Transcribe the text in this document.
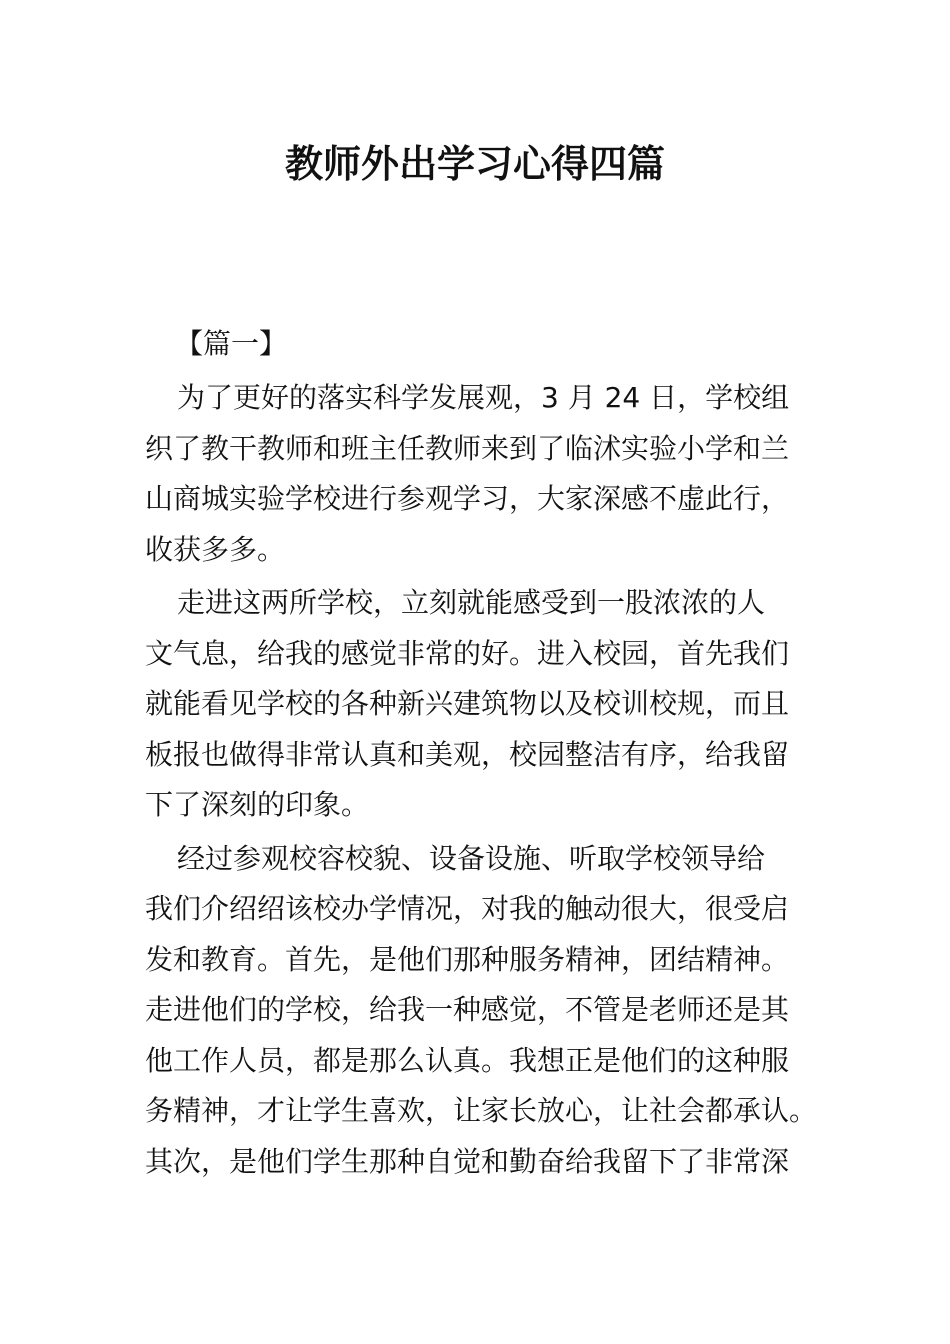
教师外出学习心得四篇
【篇一】
为了更好的落实科学发展观，3 月 24 日，学校组
织了教干教师和班主任教师来到了临沭实验小学和兰
山商城实验学校进行参观学习，大家深感不虚此行，
收获多多。
走进这两所学校，立刻就能感受到一股浓浓的人
文气息，给我的感觉非常的好。进入校园，首先我们
就能看见学校的各种新兴建筑物以及校训校规，而且
板报也做得非常认真和美观，校园整洁有序，给我留
下了深刻的印象。
经过参观校容校貌、设备设施、听取学校领导给
我们介绍绍该校办学情况，对我的触动很大，很受启
发和教育。首先，是他们那种服务精神，团结精神。
走进他们的学校，给我一种感觉，不管是老师还是其
他工作人员，都是那么认真。我想正是他们的这种服
务精神，才让学生喜欢，让家长放心，让社会都承认。
其次，是他们学生那种自觉和勤奋给我留下了非常深
